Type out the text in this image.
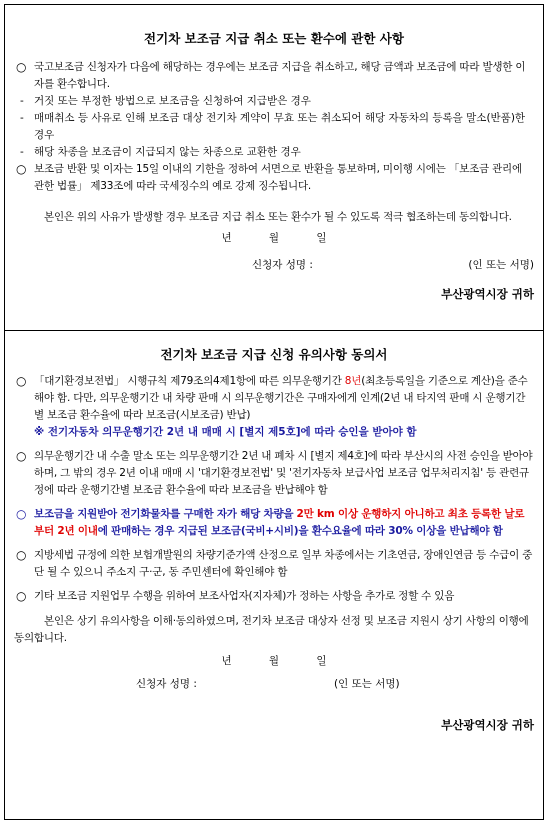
전기차 보조금 지급 취소 또는 환수에 관한 사항
○ 국고보조금 신청자가 다음에 해당하는 경우에는 보조금 지급을 취소하고, 해당 금액과 보조금에 따라 발생한 이자를 환수합니다.
- 거짓 또는 부정한 방법으로 보조금을 신청하여 지급받은 경우
- 매매취소 등 사유로 인해 보조금 대상 전기차 계약이 무효 또는 취소되어 해당 자동차의 등록을 말소(반품)한 경우
- 해당 차종을 보조금이 지급되지 않는 차종으로 교환한 경우
○ 보조금 반환 및 이자는 15일 이내의 기한을 정하여 서면으로 반환을 통보하며, 미이행 시에는 「보조금 관리에 관한 법률」 제33조에 따라 국세징수의 예로 강제 징수됩니다.
본인은 위의 사유가 발생할 경우 보조금 지급 취소 또는 환수가 될 수 있도록 적극 협조하는데 동의합니다.
년 월 일
신청자 성명 :	(인 또는 서명)
부산광역시장 귀하
전기차 보조금 지급 신청 유의사항 동의서
○ 「대기환경보전법」 시행규칙 제79조의4제1항에 따른 의무운행기간 8년(최초등록일을 기준으로 계산)을 준수해야 함. 다만, 의무운행기간 내 차량 판매 시 의무운행기간은 구매자에게 인계(2년 내 타지역 판매 시 운행기간별 보조금 환수율에 따라 보조금(시보조금) 반납)
※ 전기자동차 의무운행기간 2년 내 매매 시 [별지 제5호]에 따라 승인을 받아야 함
○ 의무운행기간 내 수출 말소 또는 의무운행기간 2년 내 폐차 시 [별지 제4호]에 따라 부산시의 사전 승인을 받아야 하며, 그 밖의 경우 2년 이내 매매 시 '대기환경보전법' 및 '전기자동차 보급사업 보조금 업무처리지침' 등 관련규정에 따라 운행기간별 보조금 환수율에 따라 보조금을 반납해야 함
○ 보조금을 지원받아 전기화물차를 구매한 자가 해당 차량을 2만 km 이상 운행하지 아니하고 최초 등록한 날로부터 2년 이내에 판매하는 경우 지급된 보조금(국비+시비)을 환수요율에 따라 30% 이상을 반납해야 함
○ 지방세법 규정에 의한 보험개발원의 차량기준가액 산정으로 일부 차종에서는 기초연금, 장애인연금 등 수급이 중단 될 수 있으니 주소지 구·군, 동 주민센터에 확인해야 함
○ 기타 보조금 지원업무 수행을 위하여 보조사업자(지자체)가 정하는 사항을 추가로 정할 수 있음
본인은 상기 유의사항을 이해·동의하였으며, 전기차 보조금 대상자 선정 및 보조금 지원시 상기 사항의 이행에 동의합니다.
년 월 일
신청자 성명 :	(인 또는 서명)
부산광역시장 귀하
